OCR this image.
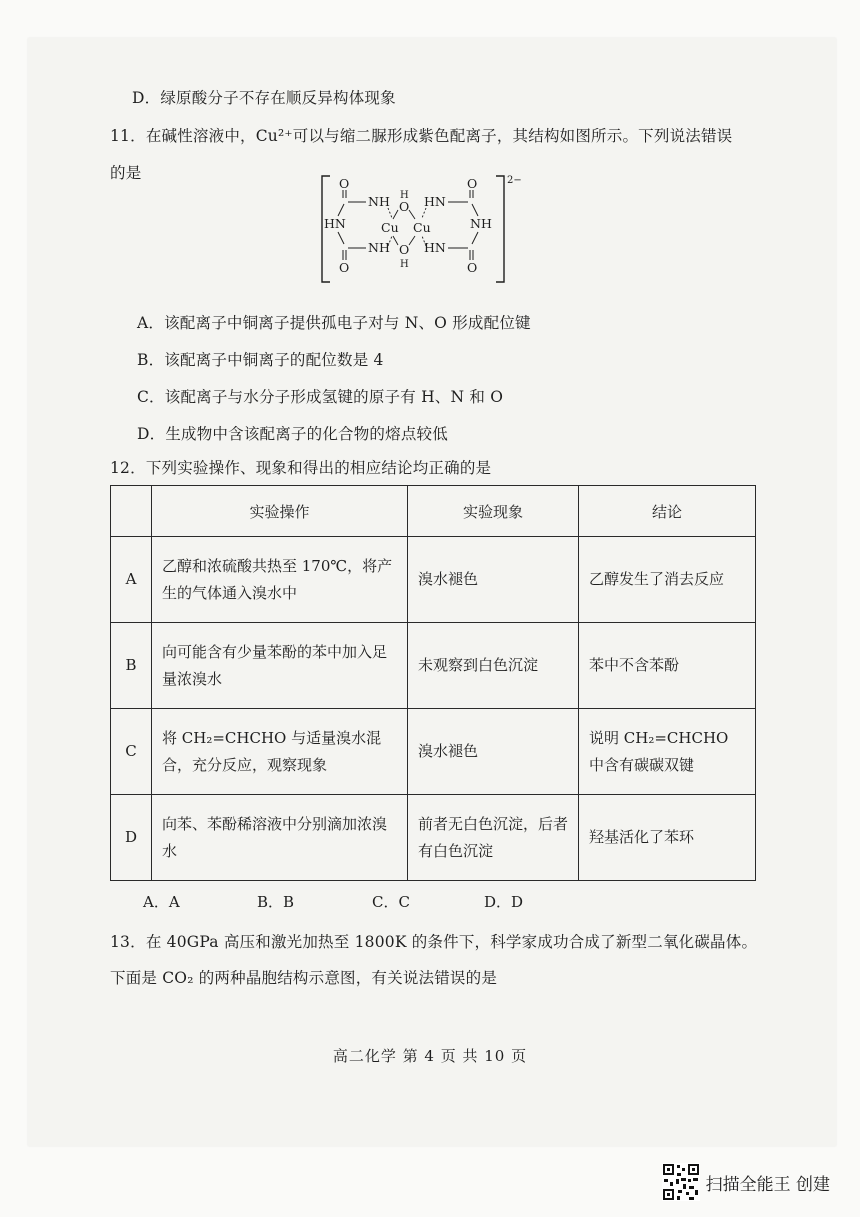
D．绿原酸分子不存在顺反异构体现象
11．在碱性溶液中，Cu²⁺可以与缩二脲形成紫色配离子，其结构如图所示。下列说法错误
的是	2−
O
NH
HN
NH
O
H
O
Cu Cu
O
H
HN
O
NH
HN
O
A．该配离子中铜离子提供孤电子对与 N、O 形成配位键
B．该配离子中铜离子的配位数是 4
C．该配离子与水分子形成氢键的原子有 H、N 和 O
D．生成物中含该配离子的化合物的熔点较低
12．下列实验操作、现象和得出的相应结论均正确的是
	实验操作	实验现象	结论
A	乙醇和浓硫酸共热至 170℃，将产生的气体通入溴水中	溴水褪色	乙醇发生了消去反应
B	向可能含有少量苯酚的苯中加入足量浓溴水	未观察到白色沉淀	苯中不含苯酚
C	将 CH₂=CHCHO 与适量溴水混合，充分反应，观察现象	溴水褪色	说明 CH₂=CHCHO 中含有碳碳双键
D	向苯、苯酚稀溶液中分别滴加浓溴水	前者无白色沉淀，后者有白色沉淀	羟基活化了苯环
A．A	B．B	C．C	D．D
13．在 40GPa 高压和激光加热至 1800K 的条件下，科学家成功合成了新型二氧化碳晶体。
下面是 CO₂ 的两种晶胞结构示意图，有关说法错误的是
高二化学 第 4 页 共 10 页
扫描全能王 创建
